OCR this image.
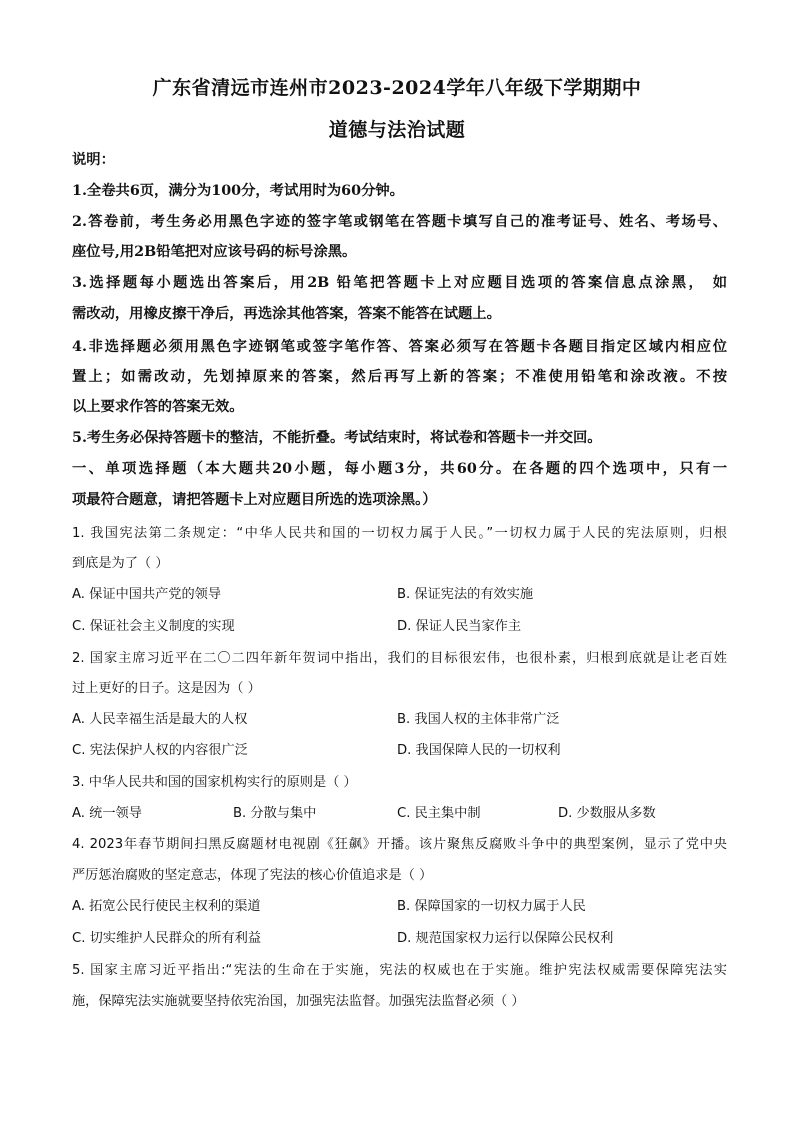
广东省清远市连州市2023-2024学年八年级下学期期中
道德与法治试题
说明：
1.全卷共6页，满分为100分，考试用时为60分钟。
2.答卷前，考生务必用黑色字迹的签字笔或钢笔在答题卡填写自己的准考证号、姓名、考场号、
座位号,用2B铅笔把对应该号码的标号涂黑。
3.选择题每小题选出答案后，用2B 铅笔把答题卡上对应题目选项的答案信息点涂黑， 如
需改动，用橡皮擦干净后，再选涂其他答案，答案不能答在试题上。
4.非选择题必须用黑色字迹钢笔或签字笔作答、答案必须写在答题卡各题目指定区域内相应位
置上；如需改动，先划掉原来的答案，然后再写上新的答案；不准使用铅笔和涂改液。不按
以上要求作答的答案无效。
5.考生务必保持答题卡的整洁，不能折叠。考试结束时，将试卷和答题卡一并交回。
一、单项选择题（本大题共20小题，每小题3分，共60分。在各题的四个选项中，只有一
项最符合题意，请把答题卡上对应题目所选的选项涂黑。）
1. 我国宪法第二条规定：“中华人民共和国的一切权力属于人民。”一切权力属于人民的宪法原则，归根
到底是为了（ ）
A. 保证中国共产党的领导	B. 保证宪法的有效实施
C. 保证社会主义制度的实现	D. 保证人民当家作主
2. 国家主席习近平在二〇二四年新年贺词中指出，我们的目标很宏伟，也很朴素，归根到底就是让老百姓
过上更好的日子。这是因为（ ）
A. 人民幸福生活是最大的人权	B. 我国人权的主体非常广泛
C. 宪法保护人权的内容很广泛	D. 我国保障人民的一切权利
3. 中华人民共和国的国家机构实行的原则是（ ）
A. 统一领导	B. 分散与集中	C. 民主集中制	D. 少数服从多数
4. 2023年春节期间扫黑反腐题材电视剧《狂飙》开播。该片聚焦反腐败斗争中的典型案例，显示了党中央
严厉惩治腐败的坚定意志，体现了宪法的核心价值追求是（ ）
A. 拓宽公民行使民主权利的渠道	B. 保障国家的一切权力属于人民
C. 切实维护人民群众的所有利益	D. 规范国家权力运行以保障公民权利
5. 国家主席习近平指出:“宪法的生命在于实施，宪法的权威也在于实施。维护宪法权威需要保障宪法实
施，保障宪法实施就要坚持依宪治国，加强宪法监督。加强宪法监督必须（ ）
